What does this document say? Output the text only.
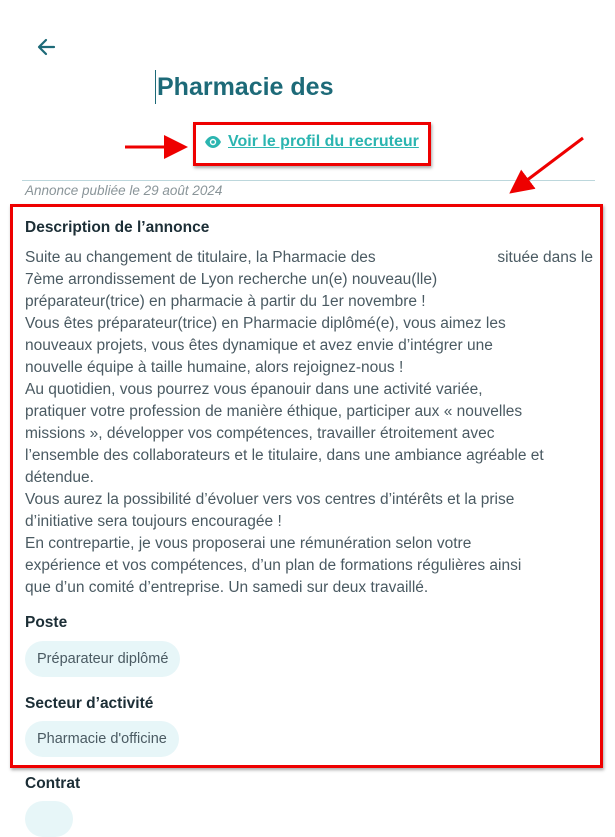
Pharmacie des
Voir le profil du recruteur
Annonce publiée le 29 août 2024
Description de l’annonce
Suite au changement de titulaire, la Pharmacie des	située dans le
7ème arrondissement de Lyon recherche un(e) nouveau(lle)
préparateur(trice) en pharmacie à partir du 1er novembre !
Vous êtes préparateur(trice) en Pharmacie diplômé(e), vous aimez les
nouveaux projets, vous êtes dynamique et avez envie d’intégrer une
nouvelle équipe à taille humaine, alors rejoignez-nous !
Au quotidien, vous pourrez vous épanouir dans une activité variée,
pratiquer votre profession de manière éthique, participer aux « nouvelles
missions », développer vos compétences, travailler étroitement avec
l’ensemble des collaborateurs et le titulaire, dans une ambiance agréable et
détendue.
Vous aurez la possibilité d’évoluer vers vos centres d’intérêts et la prise
d’initiative sera toujours encouragée !
En contrepartie, je vous proposerai une rémunération selon votre
expérience et vos compétences, d’un plan de formations régulières ainsi
que d’un comité d’entreprise. Un samedi sur deux travaillé.
Poste
Préparateur diplômé
Secteur d’activité
Pharmacie d'officine
Contrat
